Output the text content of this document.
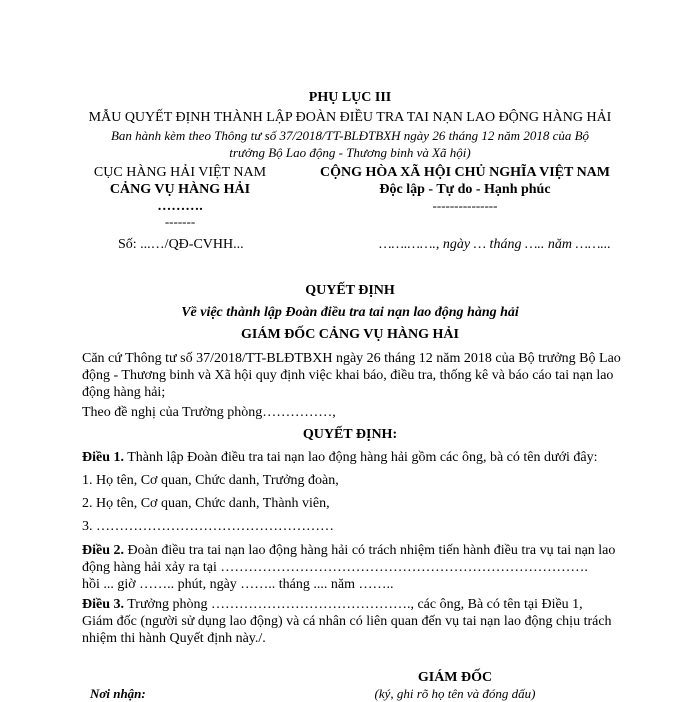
PHỤ LỤC III
MẪU QUYẾT ĐỊNH THÀNH LẬP ĐOÀN ĐIỀU TRA TAI NẠN LAO ĐỘNG HÀNG HẢI
Ban hành kèm theo Thông tư số 37/2018/TT-BLĐTBXH ngày 26 tháng 12 năm 2018 của Bộ
trưởng Bộ Lao động - Thương binh và Xã hội)
CỤC HÀNG HẢI VIỆT NAM
CẢNG VỤ HÀNG HẢI
……….
-------
Số: ...…/QĐ-CVHH...
CỘNG HÒA XÃ HỘI CHỦ NGHĨA VIỆT NAM
Độc lập - Tự do - Hạnh phúc
---------------
…….……., ngày … tháng ….. năm ……...
QUYẾT ĐỊNH
Về việc thành lập Đoàn điều tra tai nạn lao động hàng hải
GIÁM ĐỐC CẢNG VỤ HÀNG HẢI

Căn cứ Thông tư số 37/2018/TT-BLĐTBXH ngày 26 tháng 12 năm 2018 của Bộ trưởng Bộ Lao

động - Thương binh và Xã hội quy định việc khai báo, điều tra, thống kê và báo cáo tai nạn lao

động hàng hải;

Theo đề nghị của Trưởng phòng……………,
QUYẾT ĐỊNH:
Điều 1. Thành lập Đoàn điều tra tai nạn lao động hàng hải gồm các ông, bà có tên dưới đây:
1. Họ tên, Cơ quan, Chức danh, Trưởng đoàn,
2. Họ tên, Cơ quan, Chức danh, Thành viên,
3. ……………………………………………

Điều 2. Đoàn điều tra tai nạn lao động hàng hải có trách nhiệm tiến hành điều tra vụ tai nạn lao

động hàng hải xảy ra tại …………………………………………………………………….

hồi ... giờ …….. phút, ngày …….. tháng .... năm ……..

Điều 3. Trưởng phòng ……………………………………., các ông, Bà có tên tại Điều 1,

Giám đốc (người sử dụng lao động) và cá nhân có liên quan đến vụ tai nạn lao động chịu trách

nhiệm thi hành Quyết định này./.

GIÁM ĐỐC
Nơi nhận:	(ký, ghi rõ họ tên và đóng dấu)
